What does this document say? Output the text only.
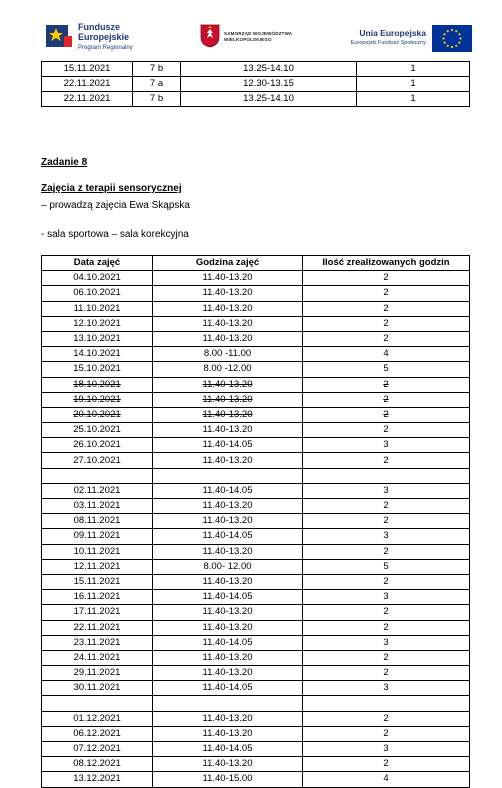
Fundusze
Europejskie
Program Regionalny
SAMORZĄD WOJEWÓDZTWA
WIELKOPOLSKIEGO
Unia Europejska
Europejski Fundusz Społeczny
15.11.2021	7 b	13.25-14.10	1
22.11.2021	7 a	12.30-13.15	1
22.11.2021	7 b	13.25-14.10	1
Zadanie 8
Zajęcia z terapii sensorycznej
– prowadzą zajęcia Ewa Skąpska
- sala sportowa – sala korekcyjna
Data zajęć	Godzina zajęć	Ilość zrealizowanych godzin
04.10.2021	11.40-13.20	2
06.10.2021	11.40-13.20	2
11.10.2021	11.40-13.20	2
12.10.2021	11.40-13.20	2
13.10.2021	11.40-13.20	2
14.10.2021	8.00 -11.00	4
15.10.2021	8.00 -12.00	5
18.10.2021	11.40-13.20	2
19.10.2021	11.40-13.20	2
20.10.2021	11.40-13.20	2
25.10.2021	11.40-13.20	2
26.10.2021	11.40-14.05	3
27.10.2021	11.40-13.20	2

02.11.2021	11.40-14.05	3
03.11.2021	11.40-13.20	2
08.11.2021	11.40-13.20	2
09.11.2021	11.40-14.05	3
10.11.2021	11.40-13.20	2
12.11.2021	8.00- 12.00	5
15.11.2021	11.40-13.20	2
16.11.2021	11.40-14.05	3
17.11.2021	11.40-13.20	2
22.11.2021	11.40-13.20	2
23.11.2021	11.40-14.05	3
24.11.2021	11.40-13.20	2
29.11.2021	11.40-13.20	2
30.11.2021	11.40-14.05	3

01.12.2021	11.40-13.20	2
06.12.2021	11.40-13.20	2
07.12.2021	11.40-14.05	3
08.12.2021	11.40-13.20	2
13.12.2021	11.40-15.00	4
